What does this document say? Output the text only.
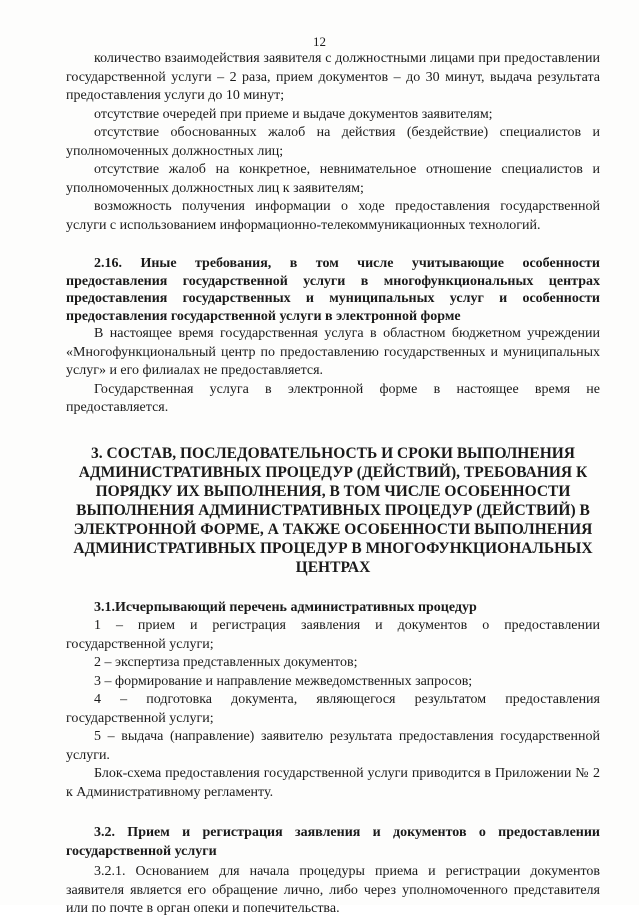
12

количество взаимодействия заявителя с должностными лицами при предоставлении государственной услуги – 2 раза, прием документов – до 30 минут, выдача результата предоставления услуги до 10 минут;

отсутствие очередей при приеме и выдаче документов заявителям;

отсутствие обоснованных жалоб на действия (бездействие) специалистов и уполномоченных должностных лиц;

отсутствие жалоб на конкретное, невнимательное отношение специалистов и уполномоченных должностных лиц к заявителям;

возможность получения информации о ходе предоставления государственной услуги с использованием информационно-телекоммуникационных технологий.

2.16. Иные требования, в том числе учитывающие особенности предоставления государственной услуги в многофункциональных центрах предоставления государственных и муниципальных услуг и особенности предоставления государственной услуги в электронной форме

В настоящее время государственная услуга в областном бюджетном учреждении «Многофункциональный центр по предоставлению государственных и муниципальных услуг» и его филиалах не предоставляется.

Государственная услуга в электронной форме в настоящее время не предоставляется.

3. СОСТАВ, ПОСЛЕДОВАТЕЛЬНОСТЬ И СРОКИ ВЫПОЛНЕНИЯ АДМИНИСТРАТИВНЫХ ПРОЦЕДУР (ДЕЙСТВИЙ), ТРЕБОВАНИЯ К ПОРЯДКУ ИХ ВЫПОЛНЕНИЯ, В ТОМ ЧИСЛЕ ОСОБЕННОСТИ ВЫПОЛНЕНИЯ АДМИНИСТРАТИВНЫХ ПРОЦЕДУР (ДЕЙСТВИЙ) В ЭЛЕКТРОННОЙ ФОРМЕ, А ТАКЖЕ ОСОБЕННОСТИ ВЫПОЛНЕНИЯ АДМИНИСТРАТИВНЫХ ПРОЦЕДУР В МНОГОФУНКЦИОНАЛЬНЫХ ЦЕНТРАХ
3.1.Исчерпывающий перечень административных процедур

1 – прием и регистрация заявления и документов о предоставлении государственной услуги;

2 – экспертиза представленных документов;

3 – формирование и направление межведомственных запросов;

4 – подготовка документа, являющегося результатом предоставления государственной услуги;

5 – выдача (направление) заявителю результата предоставления государственной услуги.

Блок-схема предоставления государственной услуги приводится в Приложении № 2 к Административному регламенту.

3.2. Прием и регистрация заявления и документов о предоставлении государственной услуги

3.2.1. Основанием для начала процедуры приема и регистрации документов заявителя является его обращение лично, либо через уполномоченного представителя или по почте в орган опеки и попечительства.
